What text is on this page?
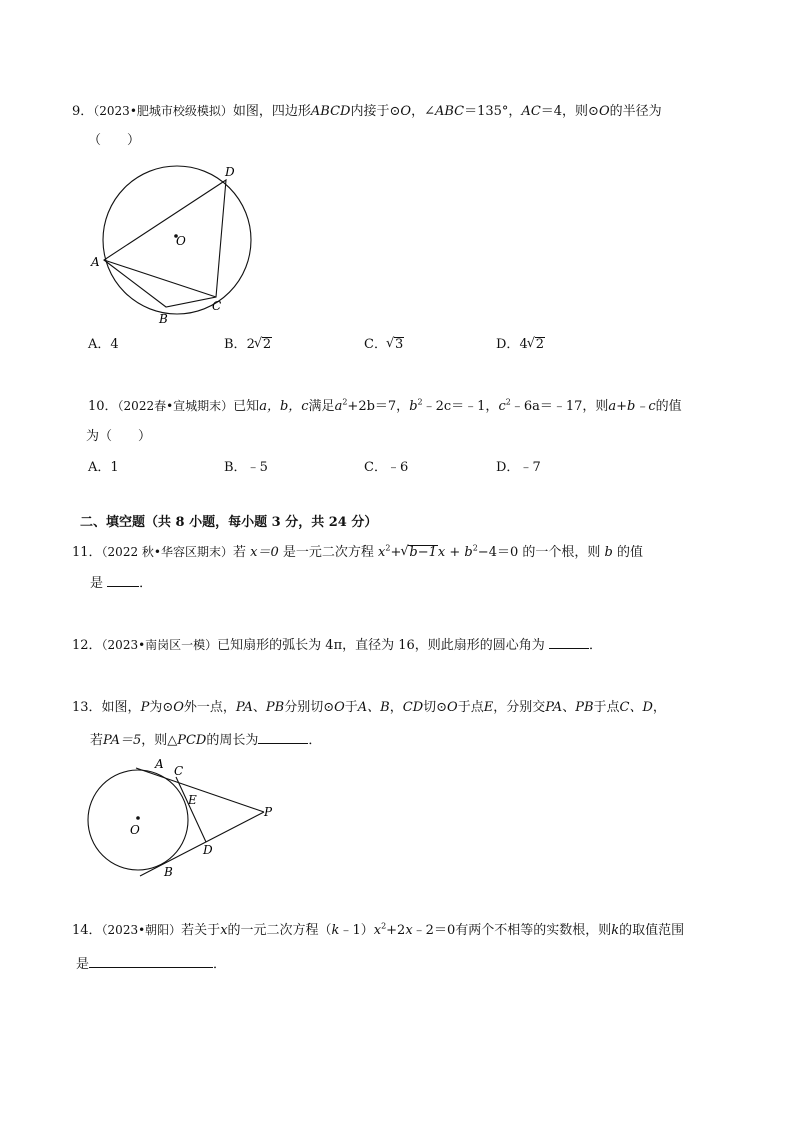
9．（2023•肥城市校级模拟）如图，四边形ABCD内接于⊙O，∠ABC＝135°，AC＝4，则⊙O的半径为
（　　）
O
A
B
C
D
A．4	B．2√ 2	C．√ 3	D．4√ 2
10．（2022春•宣城期末）已知a，b，c满足$a^2+2b=7$，$b^2﹣2c=﹣1$，$c^2﹣6a=﹣17$，则a+b﹣c的值
为（　　）
A．1	B．﹣5	C．﹣6	D．﹣7
二、填空题（共 8 小题，每小题 3 分，共 24 分）
11．（2022 秋•华容区期末）若 x＝0 是一元二次方程 $x^2+√$ $b-1x + b^2-4=0$ 的一个根，则 b 的值
是	．
12．（2023•南岗区一模）已知扇形的弧长为 4π，直径为 16，则此扇形的圆心角为	．
13．如图，P为⊙O外一点，PA、PB分别切⊙O于A、B，CD切⊙O于点E，分别交PA、PB于点C、D，
若PA＝5，则△PCD的周长为	．
O
A C
E
P
D
B
14．（2023•朝阳）若关于x的一元二次方程$(k﹣1)x^2+2x﹣2=0$有两个不相等的实数根，则k的取值范围
是	．
